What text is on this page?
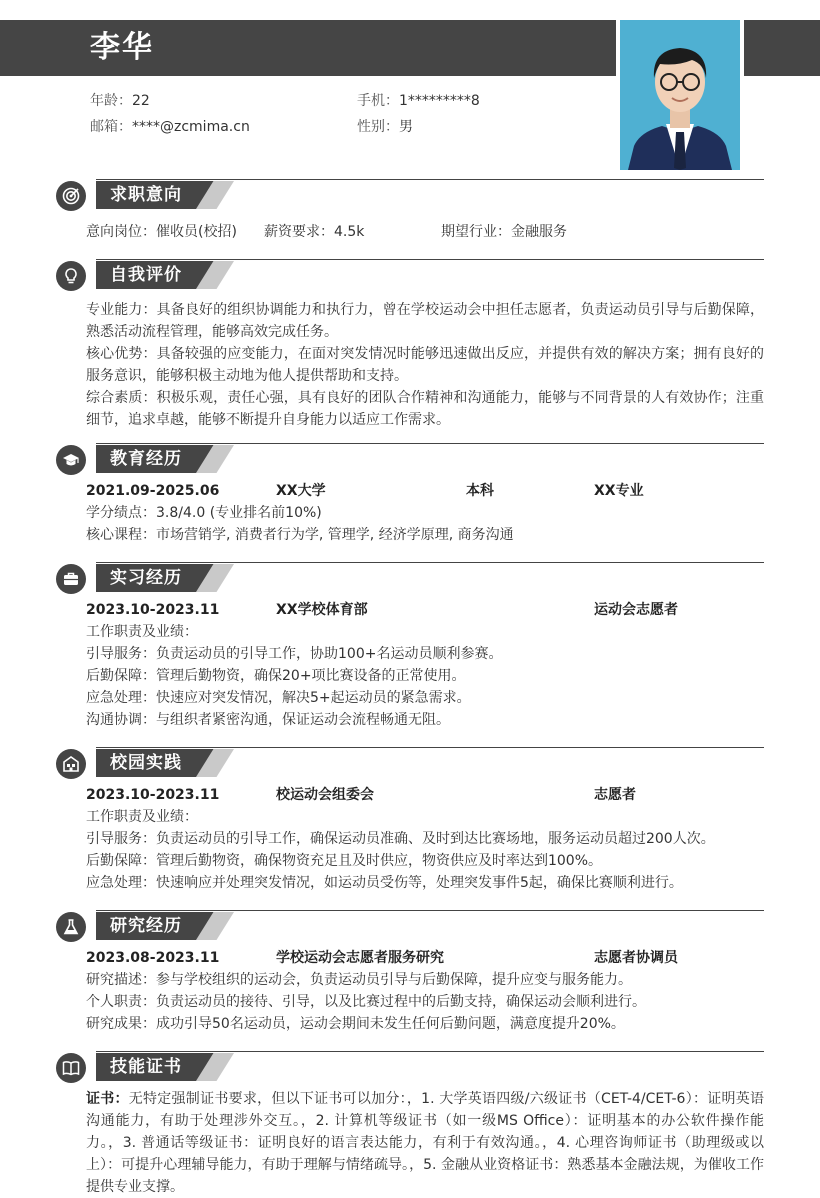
李华
年龄：22	手机：1*********8
邮箱：****@zcmima.cn	性别：男
求职意向
意向岗位：催收员(校招) 薪资要求：4.5k	期望行业：金融服务
自我评价

专业能力：具备良好的组织协调能力和执行力，曾在学校运动会中担任志愿者，负责运动员引导与后勤保障，熟悉活动流程管理，能够高效完成任务。

核心优势：具备较强的应变能力，在面对突发情况时能够迅速做出反应，并提供有效的解决方案；拥有良好的服务意识，能够积极主动地为他人提供帮助和支持。

综合素质：积极乐观，责任心强，具有良好的团队合作精神和沟通能力，能够与不同背景的人有效协作；注重细节，追求卓越，能够不断提升自身能力以适应工作需求。

教育经历
2021.09-2025.06	XX大学	本科	XX专业
学分绩点：3.8/4.0 (专业排名前10%)
核心课程：市场营销学, 消费者行为学, 管理学, 经济学原理, 商务沟通
实习经历
2023.10-2023.11	XX学校体育部	运动会志愿者
工作职责及业绩：
引导服务：负责运动员的引导工作，协助100+名运动员顺利参赛。
后勤保障：管理后勤物资，确保20+项比赛设备的正常使用。
应急处理：快速应对突发情况，解决5+起运动员的紧急需求。
沟通协调：与组织者紧密沟通，保证运动会流程畅通无阻。
校园实践
2023.10-2023.11	校运动会组委会	志愿者
工作职责及业绩：
引导服务：负责运动员的引导工作，确保运动员准确、及时到达比赛场地，服务运动员超过200人次。
后勤保障：管理后勤物资，确保物资充足且及时供应，物资供应及时率达到100%。
应急处理：快速响应并处理突发情况，如运动员受伤等，处理突发事件5起，确保比赛顺利进行。
研究经历
2023.08-2023.11	学校运动会志愿者服务研究	志愿者协调员
研究描述：参与学校组织的运动会，负责运动员引导与后勤保障，提升应变与服务能力。
个人职责：负责运动员的接待、引导，以及比赛过程中的后勤支持，确保运动会顺利进行。
研究成果：成功引导50名运动员，运动会期间未发生任何后勤问题，满意度提升20%。
技能证书

证书：无特定强制证书要求，但以下证书可以加分：，1. 大学英语四级/六级证书（CET-4/CET-6）：证明英语沟通能力，有助于处理涉外交互。，2. 计算机等级证书（如一级MS Office）：证明基本的办公软件操作能力。，3. 普通话等级证书：证明良好的语言表达能力，有利于有效沟通。，4. 心理咨询师证书（助理级或以上）：可提升心理辅导能力，有助于理解与情绪疏导。，5. 金融从业资格证书：熟悉基本金融法规，为催收工作提供专业支撑。
